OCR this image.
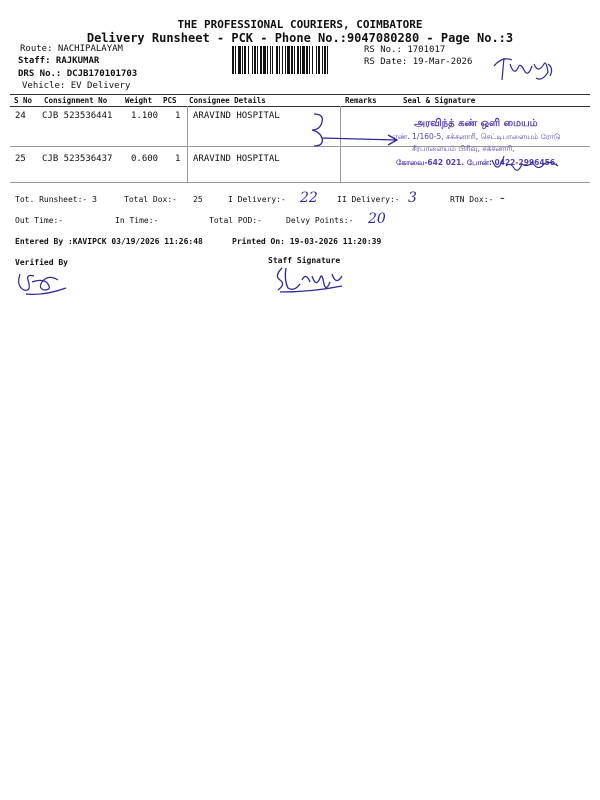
THE PROFESSIONAL COURIERS, COIMBATORE
Delivery Runsheet - PCK - Phone No.:9047080280 - Page No.:3
Route: NACHIPALAYAM
Staff: RAJKUMAR
DRS No.: DCJB170101703
Vehicle: EV Delivery
RS No.: 1701017
RS Date: 19-Mar-2026
S No Consignment No Weight PCS Consignee Details	Remarks	Seal & Signature
24 CJB 523536441 1.100 1 ARAVIND HOSPITAL
25 CJB 523536437 0.600 1 ARAVIND HOSPITAL
அரவிந்த் கண் ஒளி மையம்
எண். 1/160-5, சக்சனாரி, செட்டிபாளையம் ரோடு
சீரபாளையம் பிரிவு, சக்சனாரி,
கோவை-642 021. போன்: 0422-2996456.
Tot. Runsheet:- 3	Total Dox:- 25	I Delivery:- 22 II Delivery:- 3	RTN Dox:- -
Out Time:-	In Time:-	Total POD:-	Delvy Points:- 20
Entered By :KAVIPCK 03/19/2026 11:26:48	Printed On: 19-03-2026 11:20:39
Verified By	Staff Signature
